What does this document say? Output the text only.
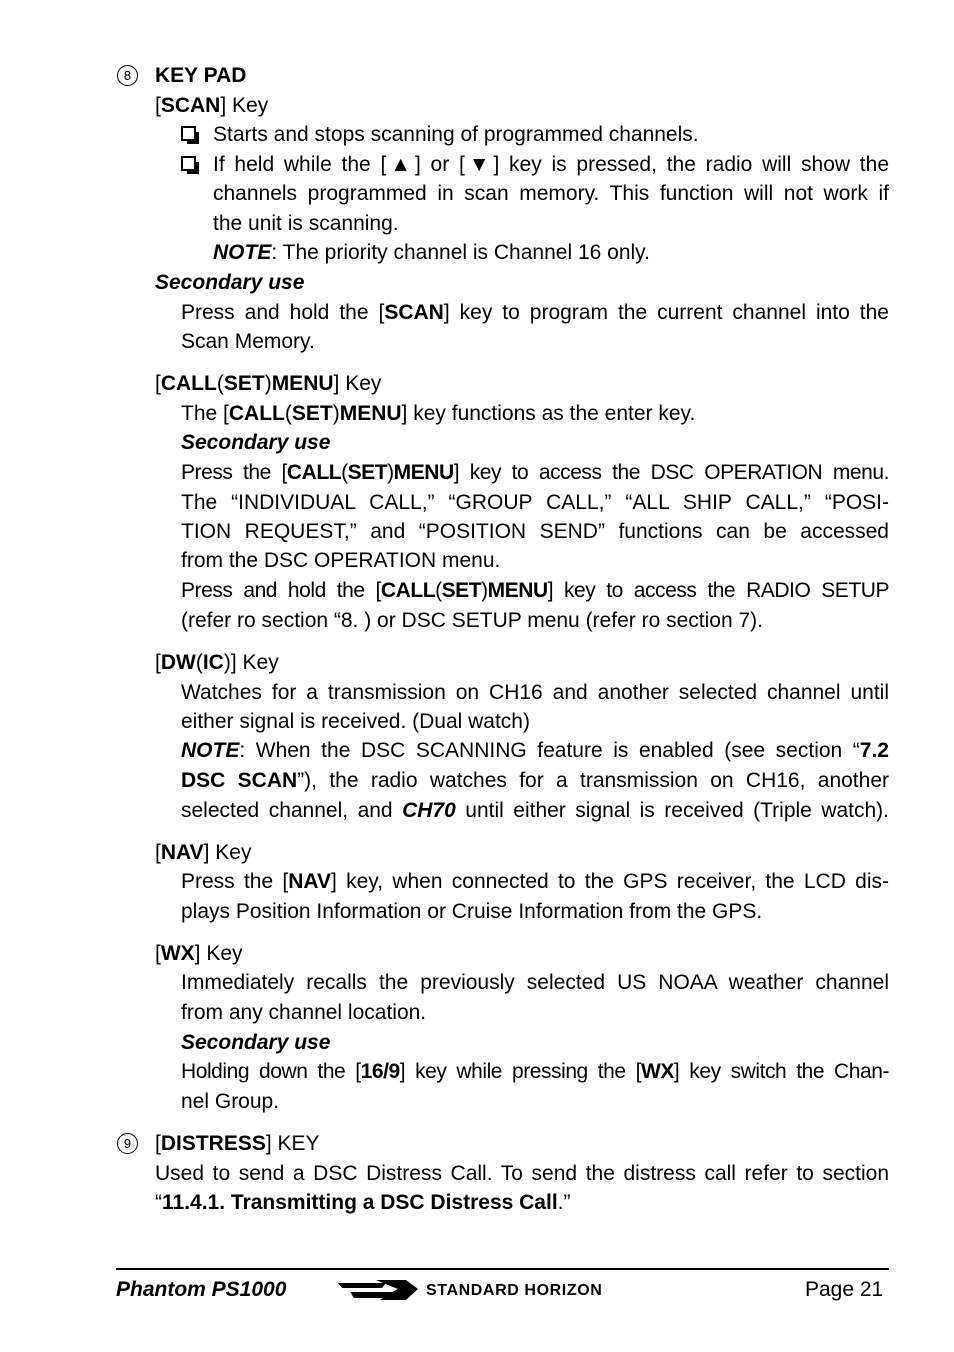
8	KEY PAD
[SCAN] Key
Starts and stops scanning of programmed channels.
If held while the [▲] or [▼] key is pressed, the radio will show the
channels programmed in scan memory. This function will not work if
the unit is scanning.
NOTE: The priority channel is Channel 16 only.
Secondary use
Press and hold the [SCAN] key to program the current channel into the
Scan Memory.
[CALL(SET)MENU] Key
The [CALL(SET)MENU] key functions as the enter key.
Secondary use
Press the [CALL(SET)MENU] key to access the DSC OPERATION menu.
The “INDIVIDUAL CALL,” “GROUP CALL,” “ALL SHIP CALL,” “POSI-
TION REQUEST,” and “POSITION SEND” functions can be accessed
from the DSC OPERATION menu.
Press and hold the [CALL(SET)MENU] key to access the RADIO SETUP
(refer ro section “8. ) or DSC SETUP menu (refer ro section 7).
[DW(IC)] Key
Watches for a transmission on CH16 and another selected channel until
either signal is received. (Dual watch)
NOTE: When the DSC SCANNING feature is enabled (see section “7.2
DSC SCAN”), the radio watches for a transmission on CH16, another
selected channel, and CH70 until either signal is received (Triple watch).
[NAV] Key
Press the [NAV] key, when connected to the GPS receiver, the LCD dis-
plays Position Information or Cruise Information from the GPS.
[WX] Key
Immediately recalls the previously selected US NOAA weather channel
from any channel location.
Secondary use
Holding down the [16/9] key while pressing the [WX] key switch the Chan-
nel Group.
9	[DISTRESS] KEY
Used to send a DSC Distress Call. To send the distress call refer to section
“11.4.1. Transmitting a DSC Distress Call.”
Phantom PS1000	STANDARD HORIZON	Page 21
